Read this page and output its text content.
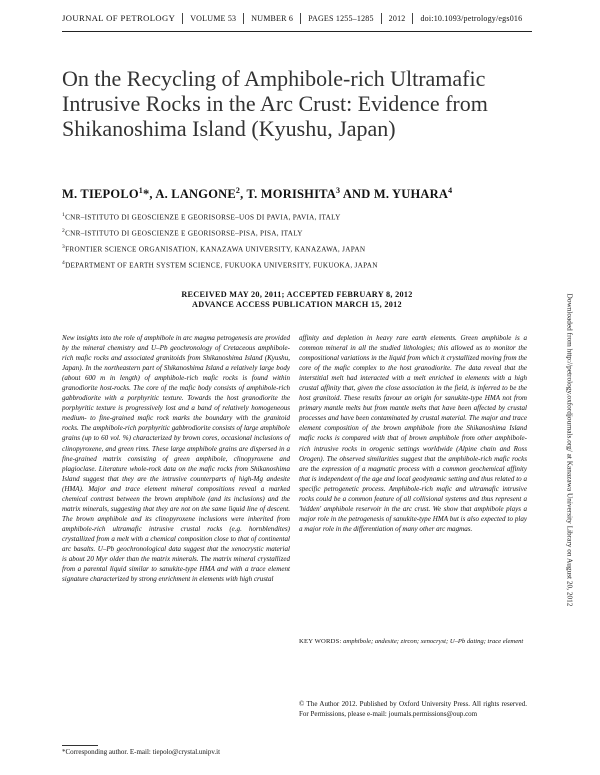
JOURNAL OF PETROLOGY	VOLUME 53	NUMBER 6	PAGES 1255–1285	2012	doi:10.1093/petrology/egs016
On the Recycling of Amphibole-rich Ultramafic Intrusive Rocks in the Arc Crust: Evidence from Shikanoshima Island (Kyushu, Japan)
M. TIEPOLO$^1$*, A. LANGONE$^2$, T. MORISHITA$^3$ AND M. YUHARA$^4$
$^1$CNR–ISTITUTO DI GEOSCIENZE E GEORISORSE–UOS DI PAVIA, PAVIA, ITALY
$^2$CNR–ISTITUTO DI GEOSCIENZE E GEORISORSE–PISA, PISA, ITALY
$^3$FRONTIER SCIENCE ORGANISATION, KANAZAWA UNIVERSITY, KANAZAWA, JAPAN
$^4$DEPARTMENT OF EARTH SYSTEM SCIENCE, FUKUOKA UNIVERSITY, FUKUOKA, JAPAN
RECEIVED MAY 20, 2011; ACCEPTED FEBRUARY 8, 2012
ADVANCE ACCESS PUBLICATION MARCH 15, 2012
New insights into the role of amphibole in arc magma petrogenesis are provided by the mineral chemistry and U–Pb geochronology of Cretaceous amphibole-rich mafic rocks and associated granitoids from Shikanoshima Island (Kyushu, Japan). In the northeastern part of Shikanoshima Island a relatively large body (about 600 m in length) of amphibole-rich mafic rocks is found within granodiorite host-rocks. The core of the mafic body consists of amphibole-rich gabbrodiorite with a porphyritic texture. Towards the host granodiorite the porphyritic texture is progressively lost and a band of relatively homogeneous medium- to fine-grained mafic rock marks the boundary with the granitoid rocks. The amphibole-rich porphyritic gabbrodiorite consists of large amphibole grains (up to 60 vol. %) characterized by brown cores, occasional inclusions of clinopyroxene, and green rims. These large amphibole grains are dispersed in a fine-grained matrix consisting of green amphibole, clinopyroxene and plagioclase. Literature whole-rock data on the mafic rocks from Shikanoshima Island suggest that they are the intrusive counterparts of high-Mg andesite (HMA). Major and trace element mineral compositions reveal a marked chemical contrast between the brown amphibole (and its inclusions) and the matrix minerals, suggesting that they are not on the same liquid line of descent. The brown amphibole and its clinopyroxene inclusions were inherited from amphibole-rich ultramafic intrusive crustal rocks (e.g. hornblendites) crystallized from a melt with a chemical composition close to that of continental arc basalts. U–Pb geochronological data suggest that the xenocrystic material is about 20 Myr older than the matrix minerals. The matrix mineral crystallized from a parental liquid similar to sanukite-type HMA and with a trace element signature characterized by strong enrichment in elements with high crustal
affinity and depletion in heavy rare earth elements. Green amphibole is a common mineral in all the studied lithologies; this allowed us to monitor the compositional variations in the liquid from which it crystallized moving from the core of the mafic complex to the host granodiorite. The data reveal that the interstitial melt had interacted with a melt enriched in elements with a high crustal affinity that, given the close association in the field, is inferred to be the host granitoid. These results favour an origin for sanukite-type HMA not from primary mantle melts but from mantle melts that have been affected by crustal processes and have been contaminated by crustal material. The major and trace element composition of the brown amphibole from the Shikanoshima Island mafic rocks is compared with that of brown amphibole from other amphibole-rich intrusive rocks in orogenic settings worldwide (Alpine chain and Ross Orogen). The observed similarities suggest that the amphibole-rich mafic rocks are the expression of a magmatic process with a common geochemical affinity that is independent of the age and local geodynamic setting and thus related to a specific petrogenetic process. Amphibole-rich mafic and ultramafic intrusive rocks could be a common feature of all collisional systems and thus represent a 'hidden' amphibole reservoir in the arc crust. We show that amphibole plays a major role in the petrogenesis of sanukite-type HMA but is also expected to play a major role in the differentiation of many other arc magmas.
KEY WORDS: amphibole; andesite; zircon; xenocryst; U–Pb dating; trace element
© The Author 2012. Published by Oxford University Press. All rights reserved. For Permissions, please e-mail: journals.permissions@oup.com
*Corresponding author. E-mail: tiepolo@crystal.unipv.it
Downloaded from http://petrology.oxfordjournals.org/ at Kanazawa University Library on August 20, 2012
